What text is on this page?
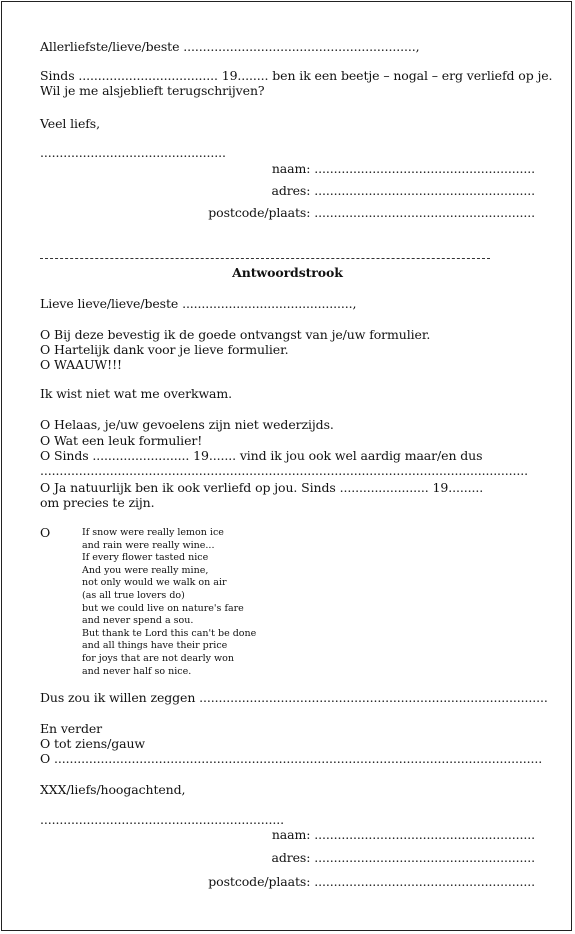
Allerliefste/lieve/beste ............................................................,
Sinds .................................... 19........ ben ik een beetje – nogal – erg verliefd op je.
Wil je me alsjeblieft terugschrijven?
Veel liefs,
................................................
naam: .........................................................
adres: .........................................................
postcode/plaats: .........................................................
Antwoordstrook
Lieve lieve/lieve/beste ............................................,
O Bij deze bevestig ik de goede ontvangst van je/uw formulier.
O Hartelijk dank voor je lieve formulier.
O WAAUW!!!
Ik wist niet wat me overkwam.
O Helaas, je/uw gevoelens zijn niet wederzijds.
O Wat een leuk formulier!
O Sinds ......................... 19....... vind ik jou ook wel aardig maar/en dus
..............................................................................................................................
O Ja natuurlijk ben ik ook verliefd op jou. Sinds ....................... 19.........
om precies te zijn.
O	If snow were really lemon ice
and rain were really wine...
If every flower tasted nice
And you were really mine,
not only would we walk on air
(as all true lovers do)
but we could live on nature's fare
and never spend a sou.
But thank te Lord this can't be done
and all things have their price
for joys that are not dearly won
and never half so nice.
Dus zou ik willen zeggen ..........................................................................................
En verder
O tot ziens/gauw
O ..............................................................................................................................
XXX/liefs/hoogachtend,
...............................................................
naam: .........................................................
adres: .........................................................
postcode/plaats: .........................................................
